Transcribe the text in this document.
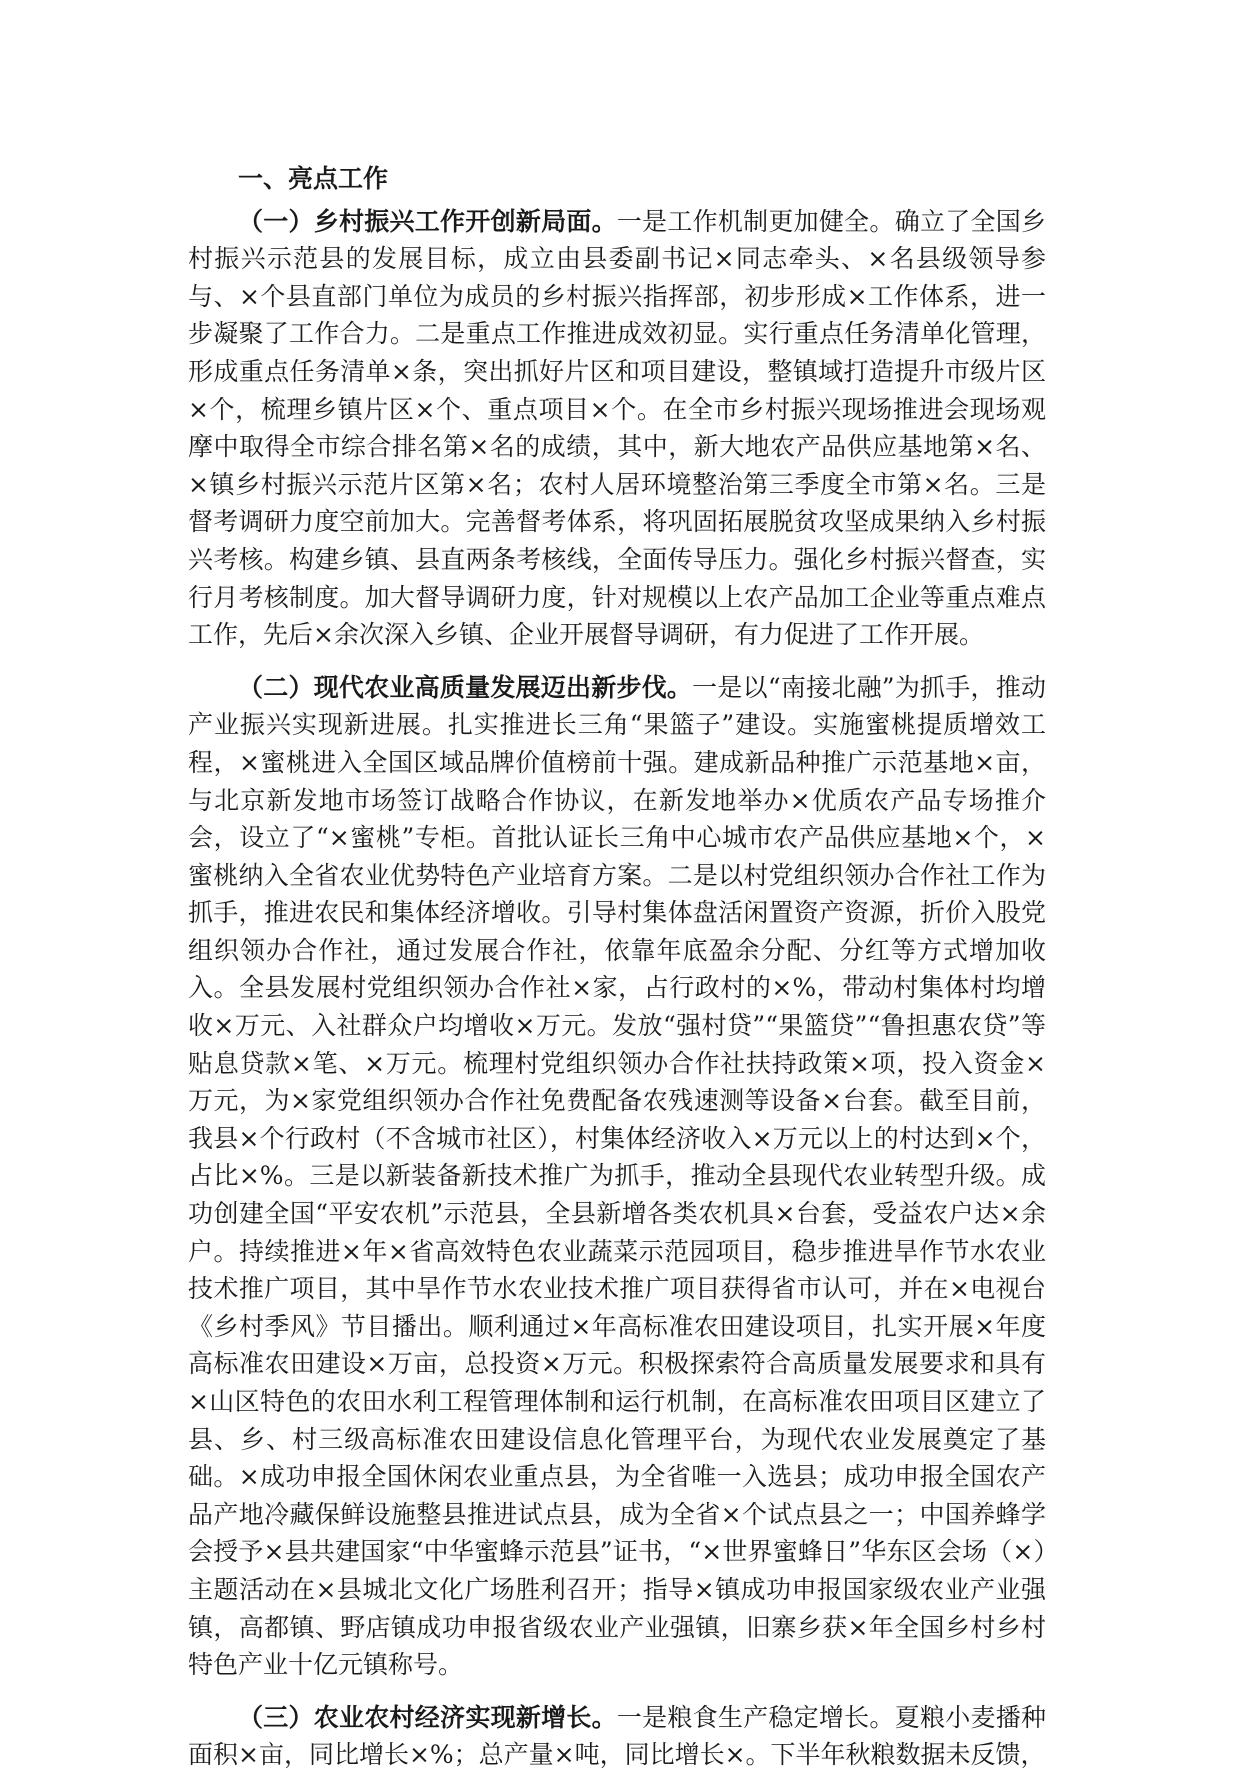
一、亮点工作

（一）乡村振兴工作开创新局面。一是工作机制更加健全。确立了全国乡村振兴示范县的发展目标，成立由县委副书记×同志牵头、×名县级领导参与、×个县直部门单位为成员的乡村振兴指挥部，初步形成×工作体系，进一步凝聚了工作合力。二是重点工作推进成效初显。实行重点任务清单化管理，形成重点任务清单×条，突出抓好片区和项目建设，整镇域打造提升市级片区×个，梳理乡镇片区×个、重点项目×个。在全市乡村振兴现场推进会现场观摩中取得全市综合排名第×名的成绩，其中，新大地农产品供应基地第×名、×镇乡村振兴示范片区第×名；农村人居环境整治第三季度全市第×名。三是督考调研力度空前加大。完善督考体系，将巩固拓展脱贫攻坚成果纳入乡村振兴考核。构建乡镇、县直两条考核线，全面传导压力。强化乡村振兴督查，实行月考核制度。加大督导调研力度，针对规模以上农产品加工企业等重点难点工作，先后×余次深入乡镇、企业开展督导调研，有力促进了工作开展。

（二）现代农业高质量发展迈出新步伐。一是以“南接北融”为抓手，推动产业振兴实现新进展。扎实推进长三角“果篮子”建设。实施蜜桃提质增效工程，×蜜桃进入全国区域品牌价值榜前十强。建成新品种推广示范基地×亩，与北京新发地市场签订战略合作协议，在新发地举办×优质农产品专场推介会，设立了“×蜜桃”专柜。首批认证长三角中心城市农产品供应基地×个，×蜜桃纳入全省农业优势特色产业培育方案。二是以村党组织领办合作社工作为抓手，推进农民和集体经济增收。引导村集体盘活闲置资产资源，折价入股党组织领办合作社，通过发展合作社，依靠年底盈余分配、分红等方式增加收入。全县发展村党组织领办合作社×家，占行政村的×%，带动村集体村均增收×万元、入社群众户均增收×万元。发放“强村贷”“果篮贷”“鲁担惠农贷”等贴息贷款×笔、×万元。梳理村党组织领办合作社扶持政策×项，投入资金×万元，为×家党组织领办合作社免费配备农残速测等设备×台套。截至目前，我县×个行政村（不含城市社区），村集体经济收入×万元以上的村达到×个，占比×%。三是以新装备新技术推广为抓手，推动全县现代农业转型升级。成功创建全国“平安农机”示范县，全县新增各类农机具×台套，受益农户达×余户。持续推进×年×省高效特色农业蔬菜示范园项目，稳步推进旱作节水农业技术推广项目，其中旱作节水农业技术推广项目获得省市认可，并在×电视台《乡村季风》节目播出。顺利通过×年高标准农田建设项目，扎实开展×年度高标准农田建设×万亩，总投资×万元。积极探索符合高质量发展要求和具有×山区特色的农田水利工程管理体制和运行机制，在高标准农田项目区建立了县、乡、村三级高标准农田建设信息化管理平台，为现代农业发展奠定了基础。×成功申报全国休闲农业重点县，为全省唯一入选县；成功申报全国农产品产地冷藏保鲜设施整县推进试点县，成为全省×个试点县之一；中国养蜂学会授予×县共建国家“中华蜜蜂示范县”证书，“×世界蜜蜂日”华东区会场（×）主题活动在×县城北文化广场胜利召开；指导×镇成功申报国家级农业产业强镇，高都镇、野店镇成功申报省级农业产业强镇，旧寨乡获×年全国乡村乡村特色产业十亿元镇称号。

（三）农业农村经济实现新增长。一是粮食生产稳定增长。夏粮小麦播种面积×亩，同比增长×%；总产量×吨，同比增长×。下半年秋粮数据未反馈，
